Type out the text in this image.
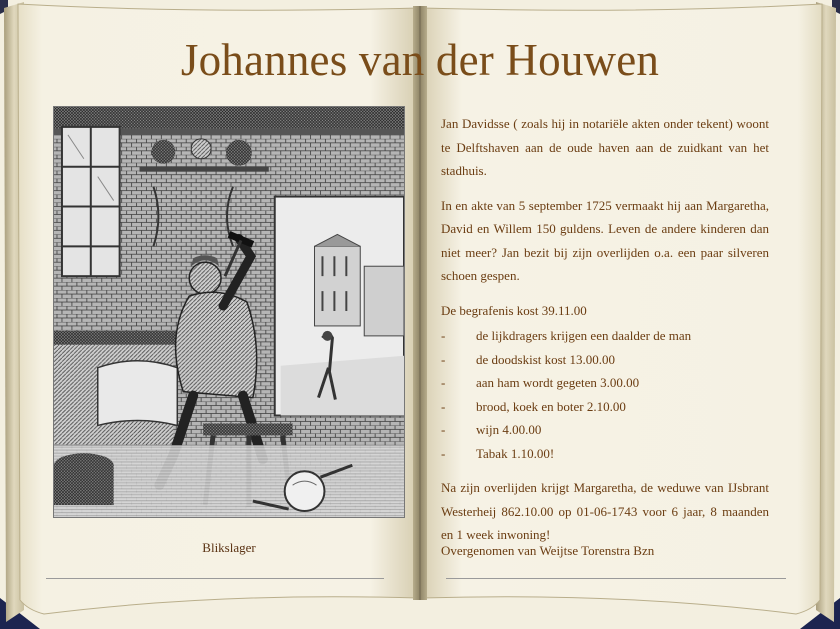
Johannes van der Houwen
Blikslager

Jan Davidsse ( zoals hij in notariële akten onder tekent) woont te Delftshaven aan de oude haven aan de zuidkant van het stadhuis.

In en akte van 5 september 1725 vermaakt hij aan Margaretha, David en Willem 150 guldens. Leven de andere kinderen dan niet meer? Jan bezit bij zijn overlijden o.a. een paar silveren schoen gespen.

De begrafenis kost 39.11.00

- de lijkdragers krijgen een daalder de man
- de doodskist kost 13.00.00
- aan ham wordt gegeten 3.00.00
- brood, koek en boter 2.10.00
- wijn 4.00.00
- Tabak 1.10.00!

Na zijn overlijden krijgt Margaretha, de weduwe van IJsbrant Westerheij 862.10.00 op 01-06-1743 voor 6 jaar, 8 maanden en 1 week inwoning!

Overgenomen van Weijtse Torenstra Bzn
